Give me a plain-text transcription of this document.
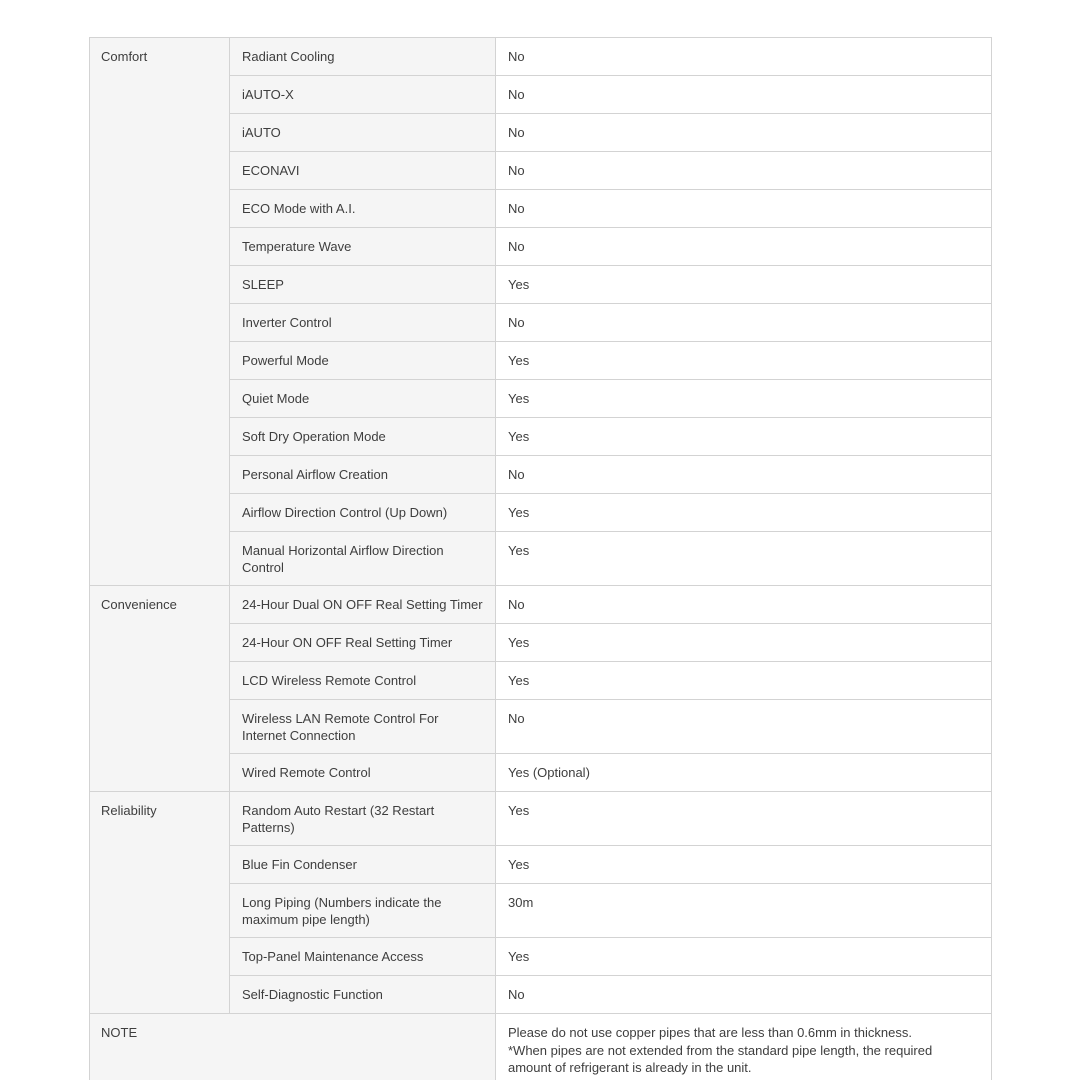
Comfort	Radiant Cooling	No
	iAUTO-X	No
	iAUTO	No
	ECONAVI	No
	ECO Mode with A.I.	No
	Temperature Wave	No
	SLEEP	Yes
	Inverter Control	No
	Powerful Mode	Yes
	Quiet Mode	Yes
	Soft Dry Operation Mode	Yes
	Personal Airflow Creation	No
	Airflow Direction Control (Up Down)	Yes
	Manual Horizontal Airflow Direction Control	Yes
Convenience	24-Hour Dual ON OFF Real Setting Timer	No
	24-Hour ON OFF Real Setting Timer	Yes
	LCD Wireless Remote Control	Yes
	Wireless LAN Remote Control For Internet Connection	No
	Wired Remote Control	Yes (Optional)
Reliability	Random Auto Restart (32 Restart Patterns)	Yes
	Blue Fin Condenser	Yes
	Long Piping (Numbers indicate the maximum pipe length)	30m
	Top-Panel Maintenance Access	Yes
	Self-Diagnostic Function	No
NOTE		Please do not use copper pipes that are less than 0.6mm in thickness.

*When pipes are not extended from the standard pipe length, the required amount of refrigerant is already in the unit.
